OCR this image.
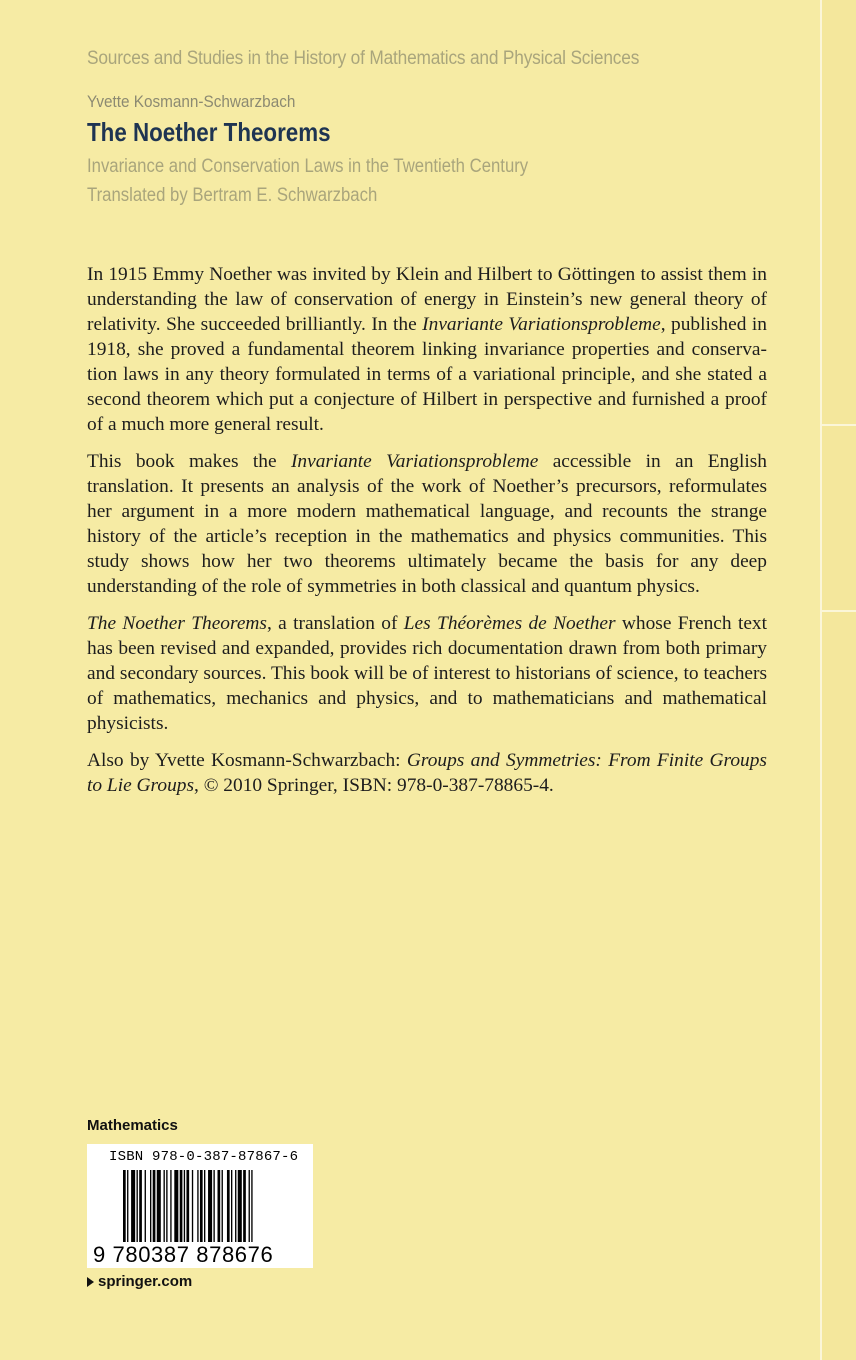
Sources and Studies in the History of Mathematics and Physical Sciences
Yvette Kosmann-Schwarzbach
The Noether Theorems
Invariance and Conservation Laws in the Twentieth Century
Translated by Bertram E. Schwarzbach

In 1915 Emmy Noether was invited by Klein and Hilbert to Göttingen to assist them in understanding the law of conservation of energy in Einstein’s new general theory of relativity. She succeeded brilliantly. In the Invariante Variationsprobleme, published in 1918, she proved a fundamental theorem linking invariance properties and conservation laws in any theory formulated in terms of a variational principle, and she stated a second theorem which put a conjecture of Hilbert in perspective and furnished a proof of a much more general result.

This book makes the Invariante Variationsprobleme accessible in an English translation. It presents an analysis of the work of Noether’s precursors, reformulates her argument in a more modern mathematical language, and recounts the strange history of the article’s reception in the mathematics and physics communities. This study shows how her two theorems ultimately became the basis for any deep understanding of the role of symmetries in both classical and quantum physics.

The Noether Theorems, a translation of Les Théorèmes de Noether whose French text has been revised and expanded, provides rich documentation drawn from both primary and secondary sources. This book will be of interest to historians of science, to teachers of mathematics, mechanics and physics, and to mathematicians and mathematical physicists.

Also by Yvette Kosmann-Schwarzbach: Groups and Symmetries: From Finite Groups to Lie Groups, © 2010 Springer, ISBN: 978-0-387-78865-4.

Mathematics
ISBN 978-0-387-87867-6
9 780387 878676
springer.com
